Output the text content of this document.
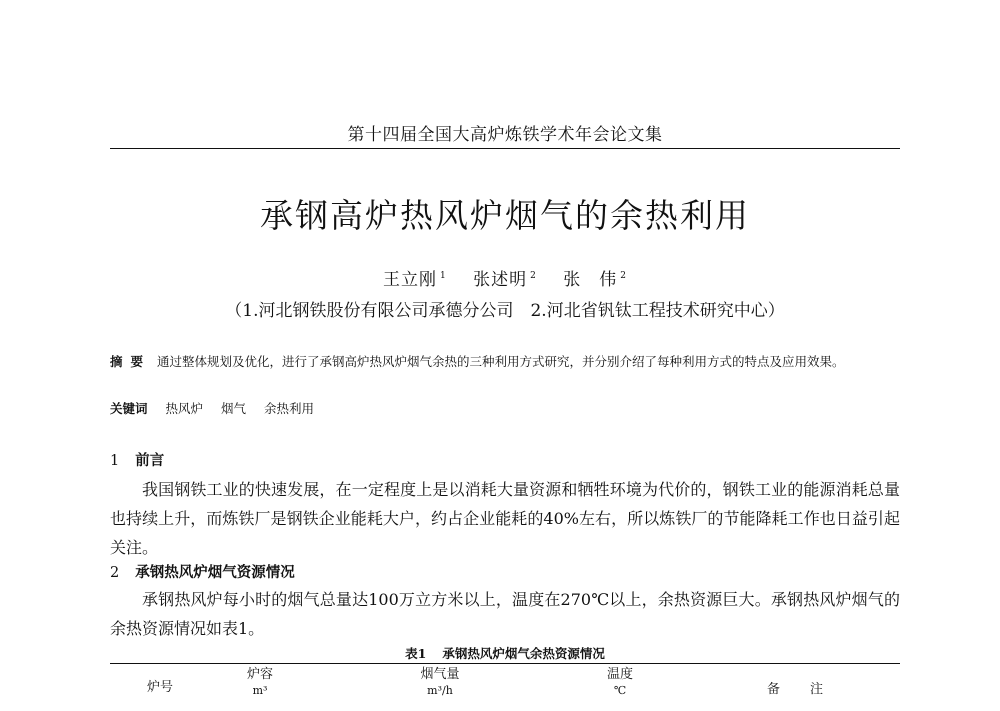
第十四届全国大高炉炼铁学术年会论文集
承钢高炉热风炉烟气的余热利用
王立刚 $^1$ 张述明 $^2$ 张　伟 $^2$
（1.河北钢铁股份有限公司承德分公司　2.河北省钒钛工程技术研究中心）
摘要 通过整体规划及优化，进行了承钢高炉热风炉烟气余热的三种利用方式研究，并分别介绍了每种利用方式的特点及应用效果。
关键词 热风炉 烟气 余热利用
1 前言
我国钢铁工业的快速发展，在一定程度上是以消耗大量资源和牺牲环境为代价的，钢铁工业的能源消耗总量也持续上升，而炼铁厂是钢铁企业能耗大户，约占企业能耗的40%左右，所以炼铁厂的节能降耗工作也日益引起关注。
2 承钢热风炉烟气资源情况
承钢热风炉每小时的烟气总量达100万立方米以上，温度在270℃以上，余热资源巨大。承钢热风炉烟气的余热资源情况如表1。
表1 承钢热风炉烟气余热资源情况
炉号
炉容
m³
烟气量
m³/h
温度
℃	备注
